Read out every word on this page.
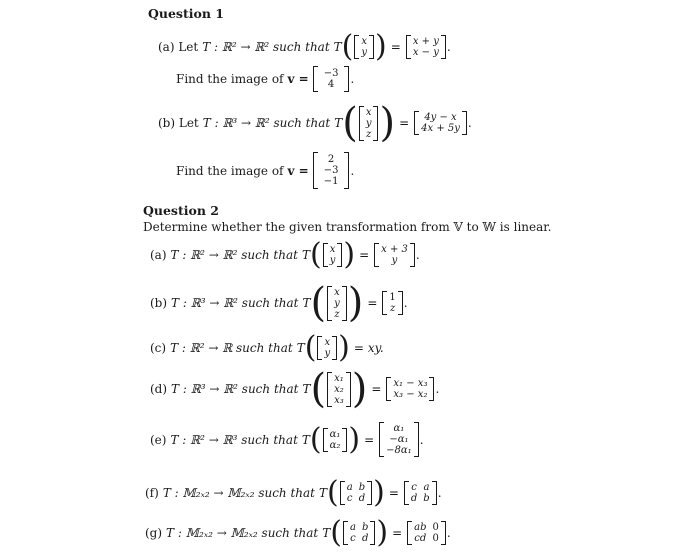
Question 1
(a) Let T : ℝ² → ℝ² such that T ( x
y ) = x + y
x − y .
Find the image of v = −3
4 .
(b) Let T : ℝ³ → ℝ² such that T ( x
y
z ) = 4y − x
4x + 5y .
Find the image of v =
2
−3
−1
.
Question 2
Determine whether the given transformation from 𝕍 to 𝕎 is linear.
(a) T : ℝ² → ℝ² such that T ( x
y ) = x + 3
y .
(b) T : ℝ³ → ℝ² such that T ( x
y
z ) = 1
z .
(c) T : ℝ² → ℝ such that T ( x
y ) = xy.
(d) T : ℝ³ → ℝ² such that T ( x₁
x₂
x₃ ) = x₁ − x₃
x₃ − x₂ .
(e) T : ℝ² → ℝ³ such that T ( α₁
α₂ ) =
α₁
−α₁
−8α₁
.
(f) T : 𝕄₂ₓ₂ → 𝕄₂ₓ₂ such that T ( a b
c d ) = c a
d b .
(g) T : 𝕄₂ₓ₂ → 𝕄₂ₓ₂ such that T ( a b
c d ) = ab 0
cd 0 .
